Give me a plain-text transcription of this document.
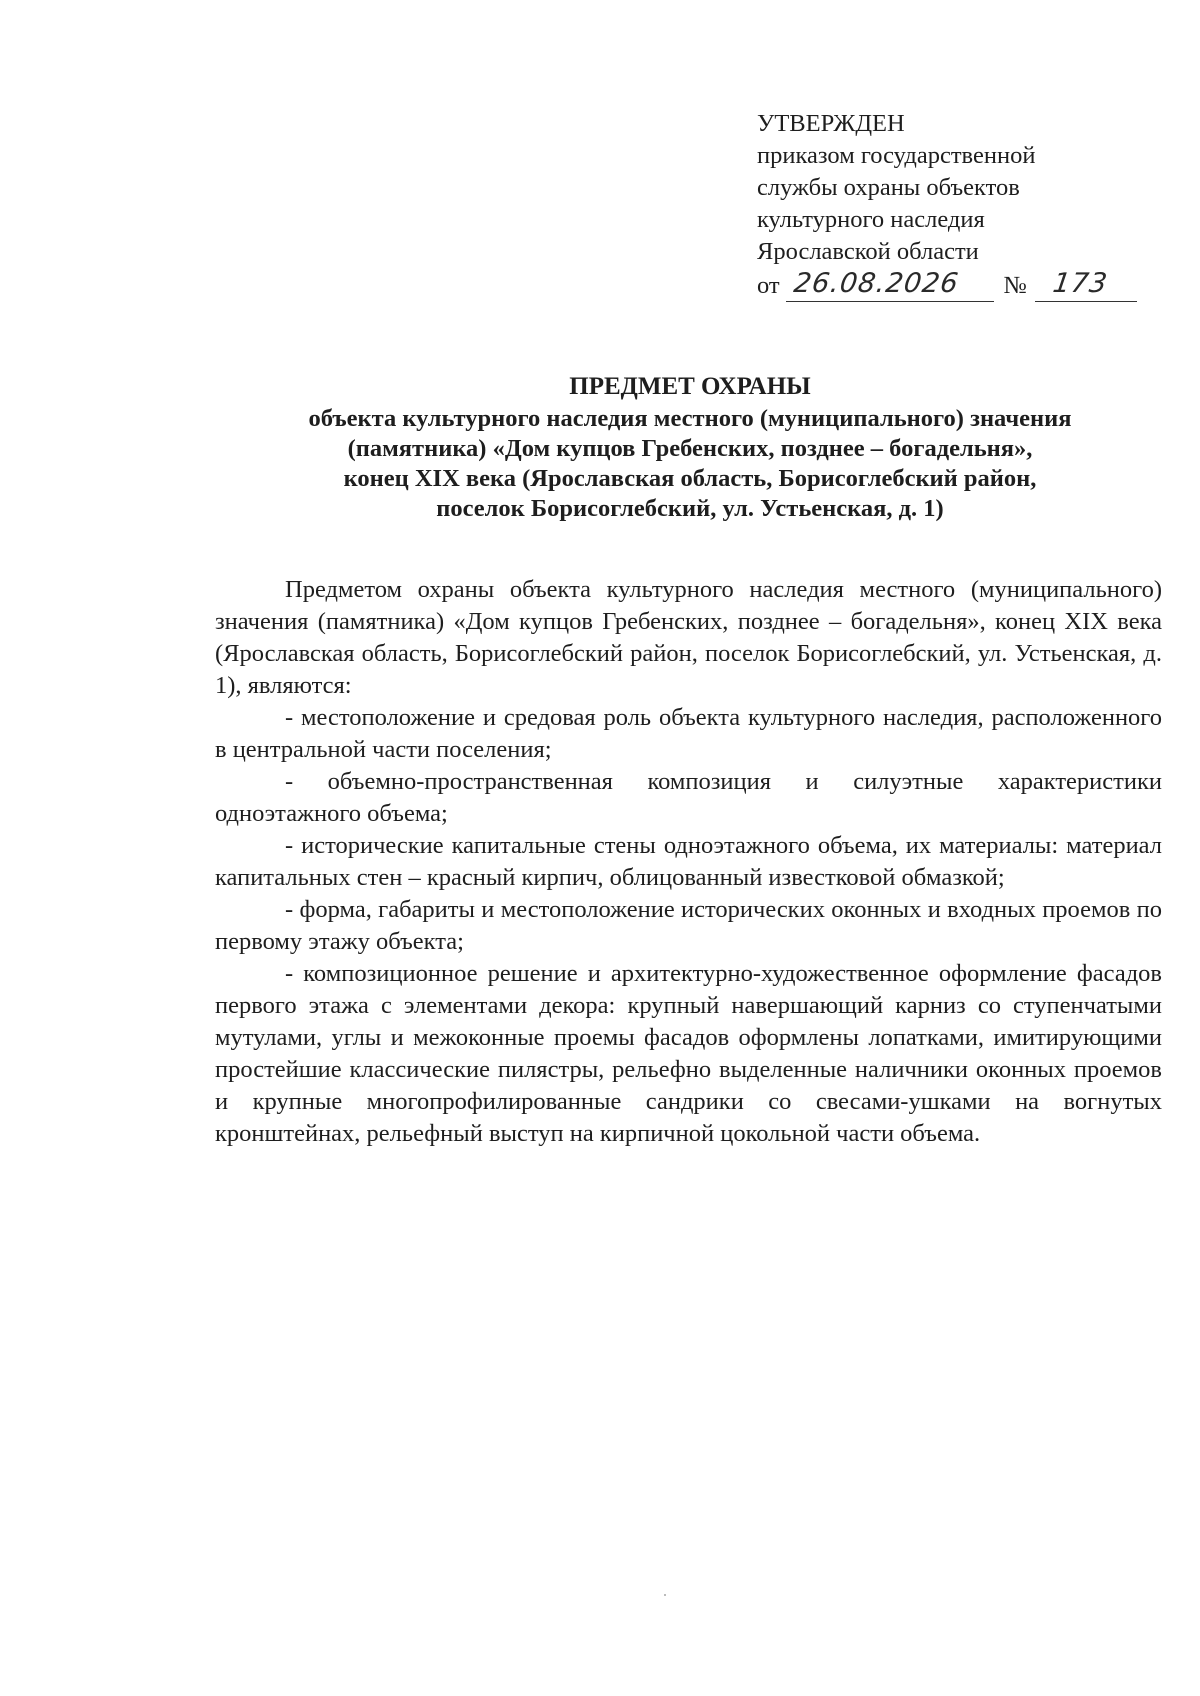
УТВЕРЖДЕН
приказом государственной
службы охраны объектов
культурного наследия
Ярославской области
от 26.08.2026 № 173
ПРЕДМЕТ ОХРАНЫ
объекта культурного наследия местного (муниципального) значения
(памятника) «Дом купцов Гребенских, позднее – богадельня»,
конец XIX века (Ярославская область, Борисоглебский район,
поселок Борисоглебский, ул. Устьенская, д. 1)

Предметом охраны объекта культурного наследия местного (муниципального) значения (памятника) «Дом купцов Гребенских, позднее – богадельня», конец XIX века (Ярославская область, Борисоглебский район, поселок Борисоглебский, ул. Устьенская, д. 1), являются:

- местоположение и средовая роль объекта культурного наследия, расположенного в центральной части поселения;

- объемно-пространственная композиция и силуэтные характеристики одноэтажного объема;

- исторические капитальные стены одноэтажного объема, их материалы: материал капитальных стен – красный кирпич, облицованный известковой обмазкой;

- форма, габариты и местоположение исторических оконных и входных проемов по первому этажу объекта;

- композиционное решение и архитектурно-художественное оформление фасадов первого этажа с элементами декора: крупный навершающий карниз со ступенчатыми мутулами, углы и межоконные проемы фасадов оформлены лопатками, имитирующими простейшие классические пилястры, рельефно выделенные наличники оконных проемов и крупные многопрофилированные сандрики со свесами-ушками на вогнутых кронштейнах, рельефный выступ на кирпичной цокольной части объема.
